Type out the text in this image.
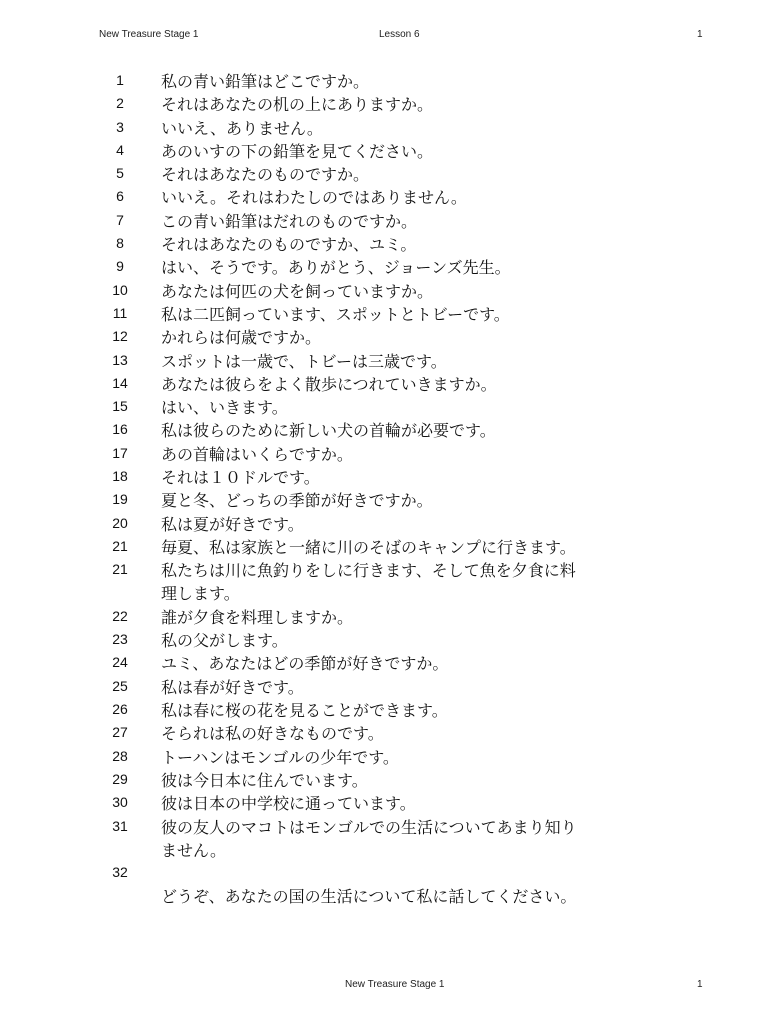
New Treasure Stage 1	Lesson 6	1
1	私の青い鉛筆はどこですか。
2	それはあなたの机の上にありますか。
3	いいえ、ありません。
4	あのいすの下の鉛筆を見てください。
5	それはあなたのものですか。
6	いいえ。それはわたしのではありません。
7	この青い鉛筆はだれのものですか。
8	それはあなたのものですか、ユミ。
9	はい、そうです。ありがとう、ジョーンズ先生。
10	あなたは何匹の犬を飼っていますか。
11	私は二匹飼っています、スポットとトビーです。
12	かれらは何歳ですか。
13	スポットは一歳で、トビーは三歳です。
14	あなたは彼らをよく散歩につれていきますか。
15	はい、いきます。
16	私は彼らのために新しい犬の首輪が必要です。
17	あの首輪はいくらですか。
18	それは１０ドルです。
19	夏と冬、どっちの季節が好きですか。
20	私は夏が好きです。
21	毎夏、私は家族と一緒に川のそばのキャンプに行きます。
21	私たちは川に魚釣りをしに行きます、そして魚を夕食に料
理します。
22	誰が夕食を料理しますか。
23	私の父がします。
24	ユミ、あなたはどの季節が好きですか。
25	私は春が好きです。
26	私は春に桜の花を見ることができます。
27	そられは私の好きなものです。
28	トーハンはモンゴルの少年です。
29	彼は今日本に住んでいます。
30	彼は日本の中学校に通っています。
31	彼の友人のマコトはモンゴルでの生活についてあまり知り
ません。
32
どうぞ、あなたの国の生活について私に話してください。
New Treasure Stage 1	1
